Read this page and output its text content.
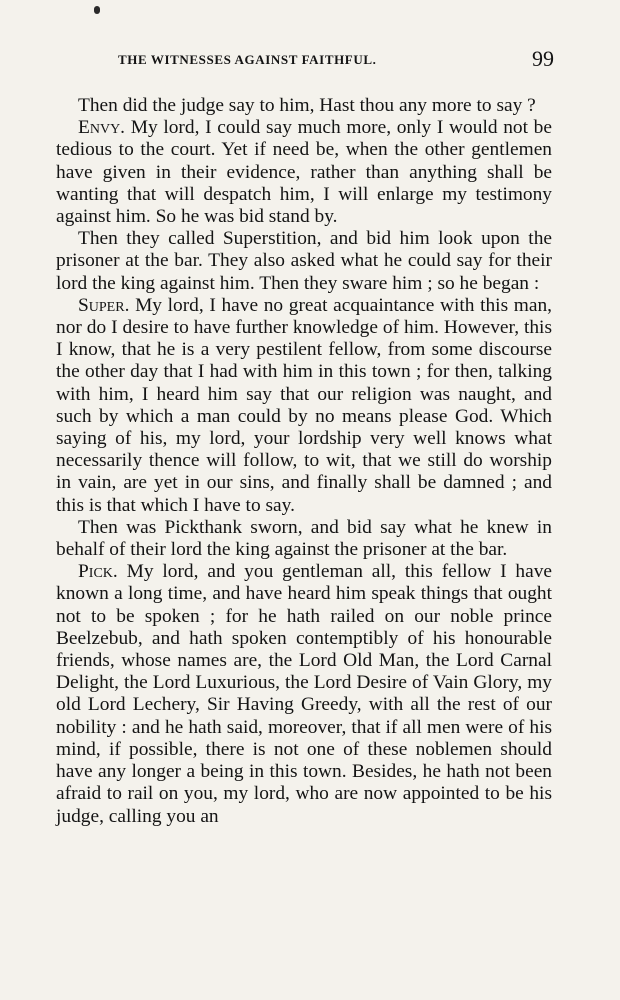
THE WITNESSES AGAINST FAITHFUL.	99

Then did the judge say to him, Hast thou any more to say ?

Envy. My lord, I could say much more, only I would not be tedious to the court. Yet if need be, when the other gentlemen have given in their evidence, rather than anything shall be wanting that will despatch him, I will enlarge my testimony against him. So he was bid stand by.

Then they called Superstition, and bid him look upon the prisoner at the bar. They also asked what he could say for their lord the king against him. Then they sware him ; so he began :

Super. My lord, I have no great acquaintance with this man, nor do I desire to have further knowledge of him. However, this I know, that he is a very pestilent fellow, from some discourse the other day that I had with him in this town ; for then, talking with him, I heard him say that our religion was naught, and such by which a man could by no means please God. Which saying of his, my lord, your lordship very well knows what necessarily thence will follow, to wit, that we still do worship in vain, are yet in our sins, and finally shall be damned ; and this is that which I have to say.

Then was Pickthank sworn, and bid say what he knew in behalf of their lord the king against the prisoner at the bar.

Pick. My lord, and you gentleman all, this fellow I have known a long time, and have heard him speak things that ought not to be spoken ; for he hath railed on our noble prince Beelzebub, and hath spoken contemptibly of his honourable friends, whose names are, the Lord Old Man, the Lord Carnal Delight, the Lord Luxurious, the Lord Desire of Vain Glory, my old Lord Lechery, Sir Having Greedy, with all the rest of our nobility : and he hath said, moreover, that if all men were of his mind, if possible, there is not one of these noblemen should have any longer a being in this town. Besides, he hath not been afraid to rail on you, my lord, who are now appointed to be his judge, calling you an
